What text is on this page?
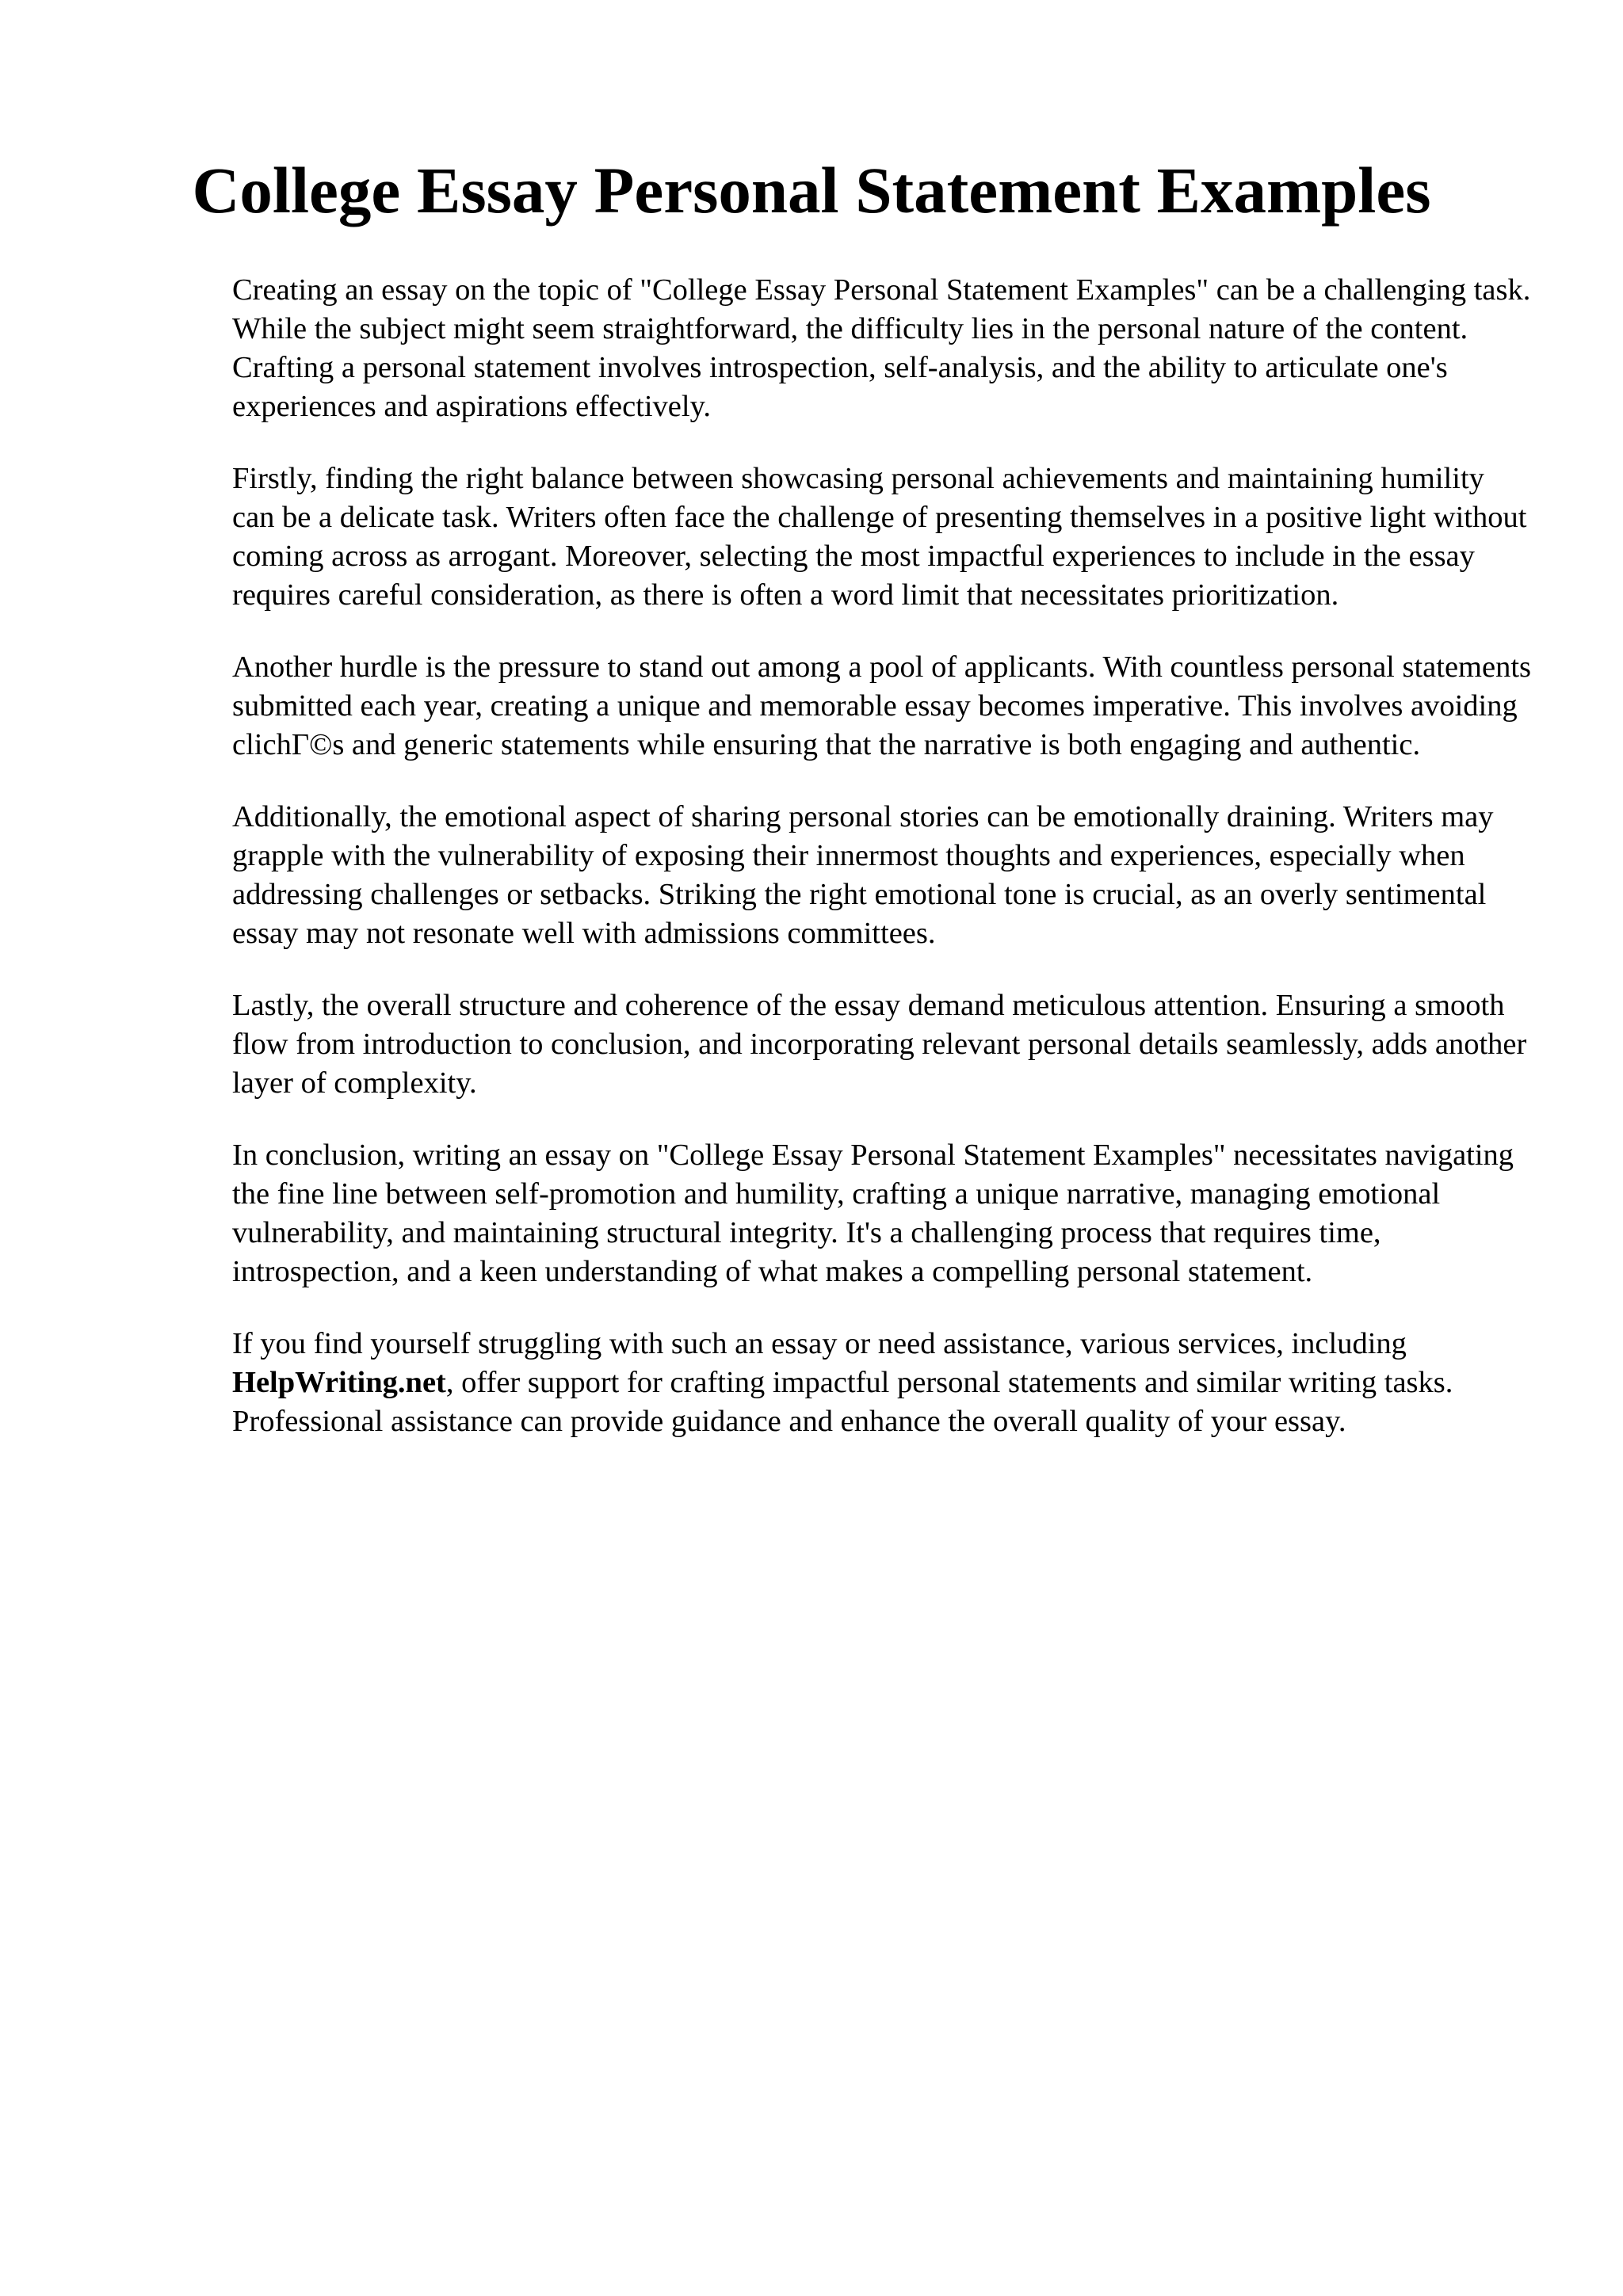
College Essay Personal Statement Examples

Creating an essay on the topic of "College Essay Personal Statement Examples" can be a challenging task. While the subject might seem straightforward, the difficulty lies in the personal nature of the content. Crafting a personal statement involves introspection, self-analysis, and the ability to articulate one's experiences and aspirations effectively.

Firstly, finding the right balance between showcasing personal achievements and maintaining humility can be a delicate task. Writers often face the challenge of presenting themselves in a positive light without coming across as arrogant. Moreover, selecting the most impactful experiences to include in the essay requires careful consideration, as there is often a word limit that necessitates prioritization.

Another hurdle is the pressure to stand out among a pool of applicants. With countless personal statements submitted each year, creating a unique and memorable essay becomes imperative. This involves avoiding clichΓ©s and generic statements while ensuring that the narrative is both engaging and authentic.

Additionally, the emotional aspect of sharing personal stories can be emotionally draining. Writers may grapple with the vulnerability of exposing their innermost thoughts and experiences, especially when addressing challenges or setbacks. Striking the right emotional tone is crucial, as an overly sentimental essay may not resonate well with admissions committees.

Lastly, the overall structure and coherence of the essay demand meticulous attention. Ensuring a smooth flow from introduction to conclusion, and incorporating relevant personal details seamlessly, adds another layer of complexity.

In conclusion, writing an essay on "College Essay Personal Statement Examples" necessitates navigating the fine line between self-promotion and humility, crafting a unique narrative, managing emotional vulnerability, and maintaining structural integrity. It's a challenging process that requires time, introspection, and a keen understanding of what makes a compelling personal statement.

If you find yourself struggling with such an essay or need assistance, various services, including HelpWriting.net, offer support for crafting impactful personal statements and similar writing tasks. Professional assistance can provide guidance and enhance the overall quality of your essay.
